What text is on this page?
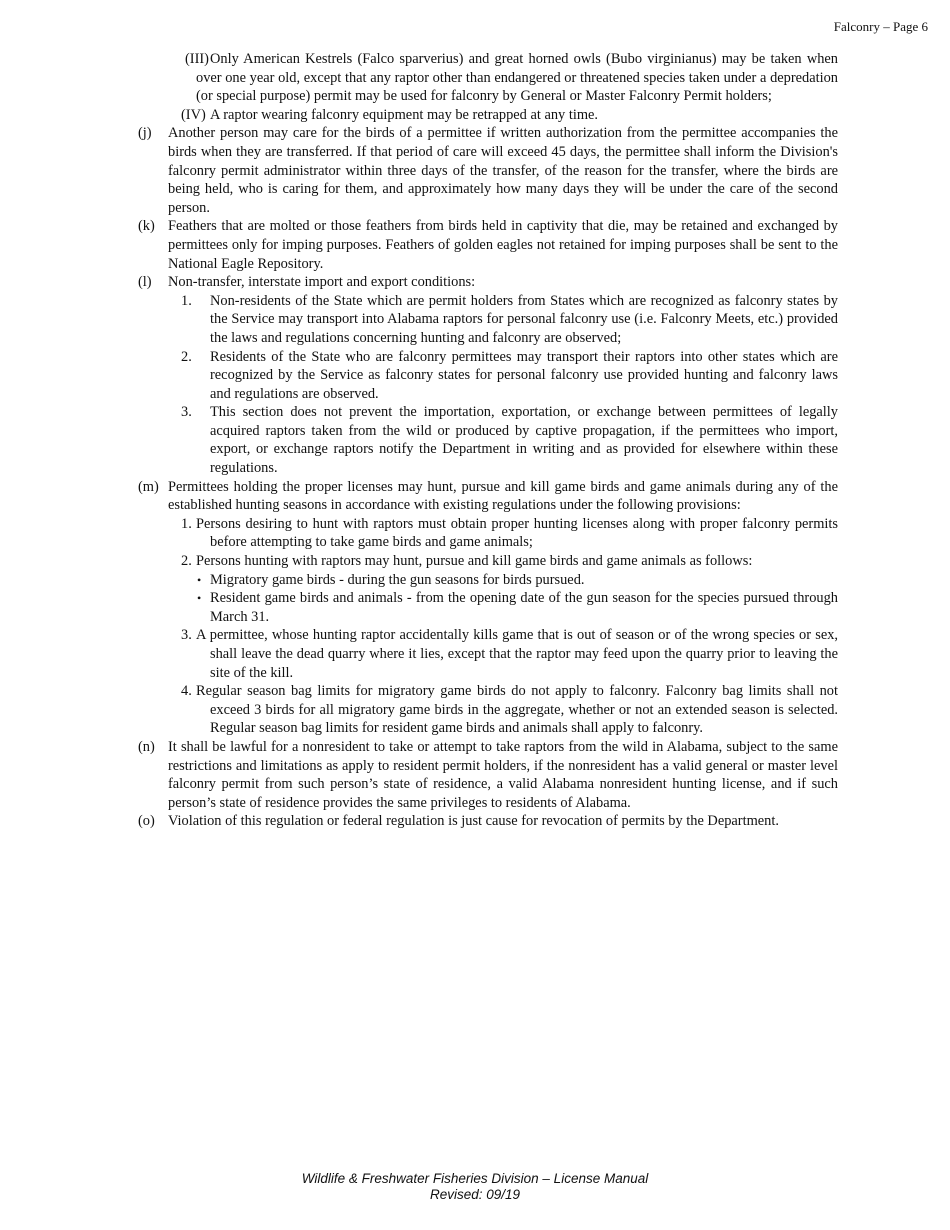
Falconry – Page 6
(III) Only American Kestrels (Falco sparverius) and great horned owls (Bubo virginianus) may be taken when over one year old, except that any raptor other than endangered or threatened species taken under a depredation (or special purpose) permit may be used for falconry by General or Master Falconry Permit holders;
(IV) A raptor wearing falconry equipment may be retrapped at any time.
(j) Another person may care for the birds of a permittee if written authorization from the permittee accompanies the birds when they are transferred. If that period of care will exceed 45 days, the permittee shall inform the Division's falconry permit administrator within three days of the transfer, of the reason for the transfer, where the birds are being held, who is caring for them, and approximately how many days they will be under the care of the second person.
(k) Feathers that are molted or those feathers from birds held in captivity that die, may be retained and exchanged by permittees only for imping purposes. Feathers of golden eagles not retained for imping purposes shall be sent to the National Eagle Repository.
(l) Non-transfer, interstate import and export conditions:
1. Non-residents of the State which are permit holders from States which are recognized as falconry states by the Service may transport into Alabama raptors for personal falconry use (i.e. Falconry Meets, etc.) provided the laws and regulations concerning hunting and falconry are observed;
2. Residents of the State who are falconry permittees may transport their raptors into other states which are recognized by the Service as falconry states for personal falconry use provided hunting and falconry laws and regulations are observed.
3. This section does not prevent the importation, exportation, or exchange between permittees of legally acquired raptors taken from the wild or produced by captive propagation, if the permittees who import, export, or exchange raptors notify the Department in writing and as provided for elsewhere within these regulations.
(m) Permittees holding the proper licenses may hunt, pursue and kill game birds and game animals during any of the established hunting seasons in accordance with existing regulations under the following provisions:
1. Persons desiring to hunt with raptors must obtain proper hunting licenses along with proper falconry permits before attempting to take game birds and game animals;
2. Persons hunting with raptors may hunt, pursue and kill game birds and game animals as follows:
• Migratory game birds - during the gun seasons for birds pursued.
• Resident game birds and animals - from the opening date of the gun season for the species pursued through March 31.
3. A permittee, whose hunting raptor accidentally kills game that is out of season or of the wrong species or sex, shall leave the dead quarry where it lies, except that the raptor may feed upon the quarry prior to leaving the site of the kill.
4. Regular season bag limits for migratory game birds do not apply to falconry. Falconry bag limits shall not exceed 3 birds for all migratory game birds in the aggregate, whether or not an extended season is selected. Regular season bag limits for resident game birds and animals shall apply to falconry.
(n) It shall be lawful for a nonresident to take or attempt to take raptors from the wild in Alabama, subject to the same restrictions and limitations as apply to resident permit holders, if the nonresident has a valid general or master level falconry permit from such person’s state of residence, a valid Alabama nonresident hunting license, and if such person’s state of residence provides the same privileges to residents of Alabama.
(o) Violation of this regulation or federal regulation is just cause for revocation of permits by the Department.
Wildlife & Freshwater Fisheries Division – License Manual
Revised: 09/19
